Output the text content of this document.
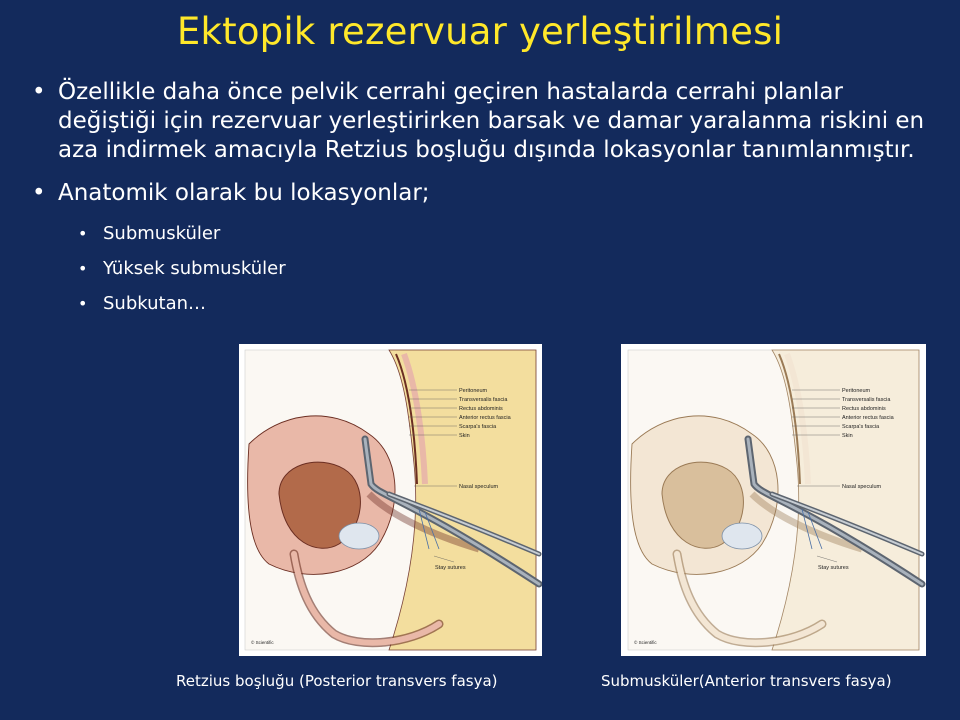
Ektopik rezervuar yerleştirilmesi
• Özellikle daha önce pelvik cerrahi geçiren hastalarda cerrahi planlar değiştiği için rezervuar yerleştirirken barsak ve damar yaralanma riskini en aza indirmek amacıyla Retzius boşluğu dışında lokasyonlar tanımlanmıştır.
• Anatomik olarak bu lokasyonlar;
• Submusküler
• Yüksek submusküler
• Subkutan…
Peritoneum
Transversalis fascia
Rectus abdominis
Anterior rectus fascia
Scarpa's fascia
Skin
Nasal speculum
Stay sutures
© Scientific
Peritoneum
Transversalis fascia
Rectus abdominis
Anterior rectus fascia
Scarpa's fascia
Skin
Nasal speculum
Stay sutures
© Scientific
Retzius boşluğu (Posterior transvers fasya)	Submusküler(Anterior transvers fasya)
